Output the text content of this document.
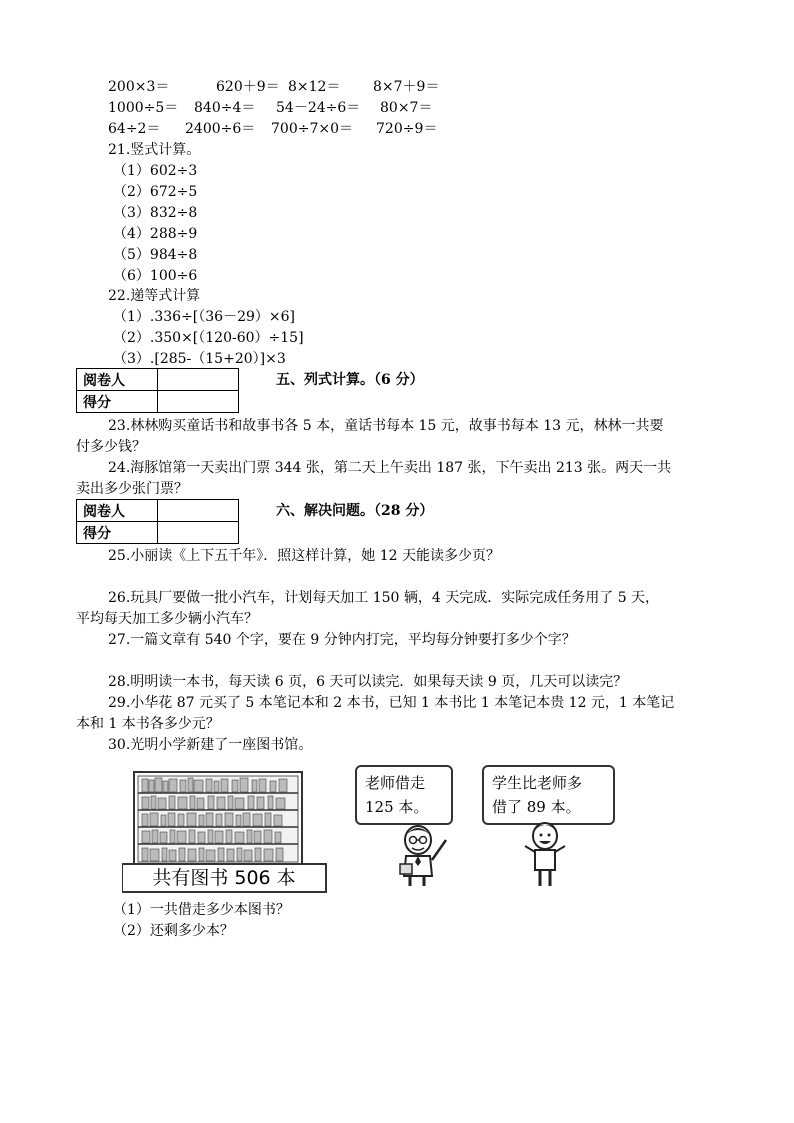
200×3＝	620＋9＝ 8×12＝ 8×7＋9＝
1000÷5＝ 840÷4＝ 54－24÷6＝ 80×7＝
64÷2＝ 2400÷6＝ 700÷7×0＝ 720÷9＝
21.竖式计算。
（1）602÷3
（2）672÷5
（3）832÷8
（4）288÷9
（5）984÷8
（6）100÷6
22.递等式计算
（1）.336÷[（36－29）×6]
（2）.350×[（120-60）÷15]
（3）.[285-（15+20）]×3
阅卷人	
得分	
五、列式计算。（6 分）
23.林林购买童话书和故事书各 5 本，童话书每本 15 元，故事书每本 13 元，林林一共要
付多少钱？
24.海豚馆第一天卖出门票 344 张，第二天上午卖出 187 张，下午卖出 213 张。两天一共
卖出多少张门票？
阅卷人	
得分	
六、解决问题。（28 分）
25.小丽读《上下五千年》．照这样计算，她 12 天能读多少页？
26.玩具厂要做一批小汽车，计划每天加工 150 辆，4 天完成．实际完成任务用了 5 天，
平均每天加工多少辆小汽车？
27.一篇文章有 540 个字，要在 9 分钟内打完，平均每分钟要打多少个字？
28.明明读一本书，每天读 6 页，6 天可以读完．如果每天读 9 页，几天可以读完？
29.小华花 87 元买了 5 本笔记本和 2 本书，已知 1 本书比 1 本笔记本贵 12 元，1 本笔记
本和 1 本书各多少元？
30.光明小学新建了一座图书馆。
共有图书 506 本
老师借走
125 本。
学生比老师多
借了 89 本。
（1）一共借走多少本图书？
（2）还剩多少本？
